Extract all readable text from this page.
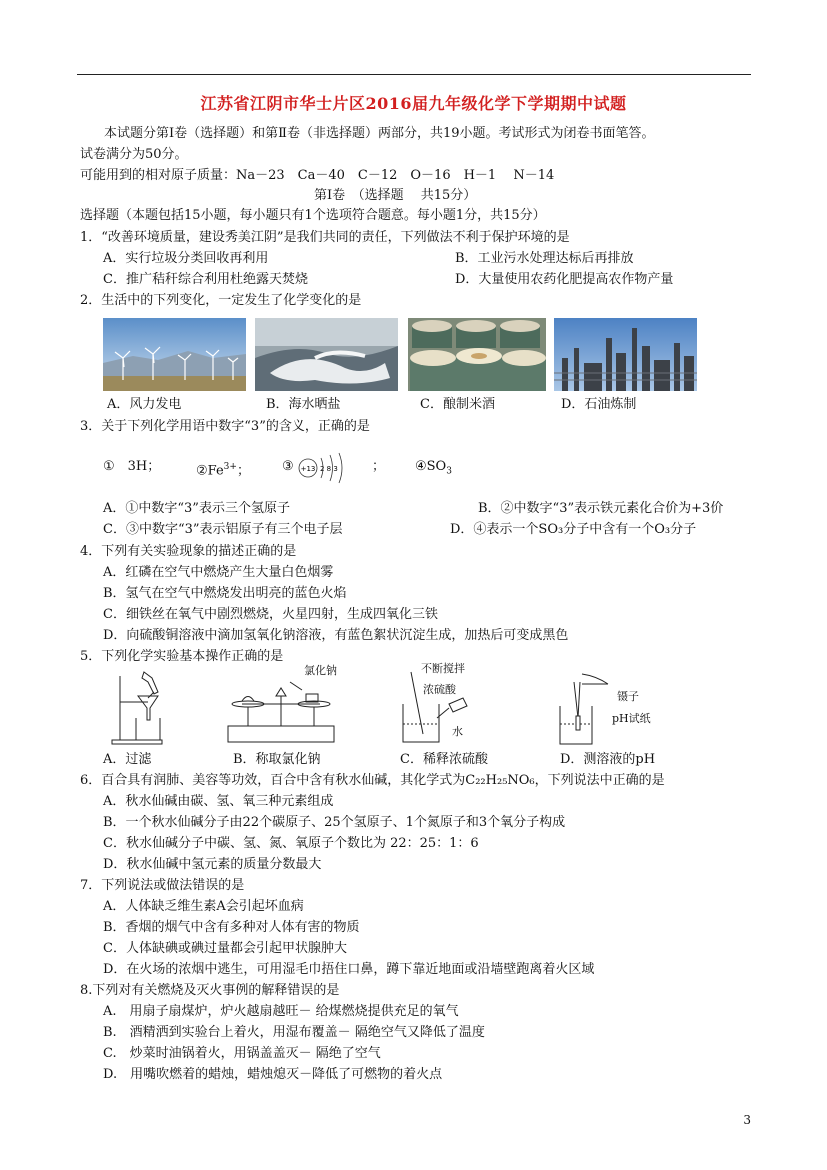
江苏省江阴市华士片区2016届九年级化学下学期期中试题
本试题分第Ⅰ卷（选择题）和第Ⅱ卷（非选择题）两部分，共19小题。考试形式为闭卷书面笔答。
试卷满分为50分。
可能用到的相对原子质量：Na－23　Ca－40　C－12　O－16　H－1　 N－14
第Ⅰ卷　（选择题　 共15分）
选择题（本题包括15小题，每小题只有1个选项符合题意。每小题1分，共15分）
1．“改善环境质量，建设秀美江阴”是我们共同的责任，下列做法不利于保护环境的是
A．实行垃圾分类回收再利用	B．工业污水处理达标后再排放
C．推广秸秆综合利用杜绝露天焚烧	D．大量使用农药化肥提高农作物产量
2．生活中的下列变化，一定发生了化学变化的是
A．风力发电	B．海水晒盐	C．酿制米酒	D．石油炼制
3．关于下列化学用语中数字“3”的含义，正确的是
①　3H；	$②Fe^{3+}$； ③ +13 2 8 3	； $④SO_3$
A．①中数字“3”表示三个氢原子	B．②中数字“3”表示铁元素化合价为+3价
C．③中数字“3”表示铝原子有三个电子层	D．④表示一个SO₃分子中含有一个O₃分子
4．下列有关实验现象的描述正确的是
A．红磷在空气中燃烧产生大量白色烟雾
B．氢气在空气中燃烧发出明亮的蓝色火焰
C．细铁丝在氧气中剧烈燃烧，火星四射，生成四氧化三铁
D．向硫酸铜溶液中滴加氢氧化钠溶液，有蓝色絮状沉淀生成，加热后可变成黑色
5．下列化学实验基本操作正确的是
氯化钠	不断搅拌
浓硫酸
水
镊子
pH试纸
A．过滤	B．称取氯化钠	C．稀释浓硫酸	D．测溶液的pH
6．百合具有润肺、美容等功效，百合中含有秋水仙碱，其化学式为C₂₂H₂₅NO₆，下列说法中正确的是
A．秋水仙碱由碳、氢、氧三种元素组成
B．一个秋水仙碱分子由22个碳原子、25个氢原子、1个氮原子和3个氧分子构成
C．秋水仙碱分子中碳、氢、氮、氧原子个数比为 22：25：1：6
D．秋水仙碱中氢元素的质量分数最大
7．下列说法或做法错误的是
A．人体缺乏维生素A会引起坏血病
B．香烟的烟气中含有多种对人体有害的物质
C．人体缺碘或碘过量都会引起甲状腺肿大
D．在火场的浓烟中逃生，可用湿毛巾捂住口鼻，蹲下靠近地面或沿墙壁跑离着火区域
8.下列对有关燃烧及灭火事例的解释错误的是
A.　用扇子扇煤炉，炉火越扇越旺－ 给煤燃烧提供充足的氧气
B.　酒精洒到实验台上着火，用湿布覆盖－ 隔绝空气又降低了温度
C.　炒菜时油锅着火，用锅盖盖灭－ 隔绝了空气
D.　用嘴吹燃着的蜡烛，蜡烛熄灭－降低了可燃物的着火点
3
